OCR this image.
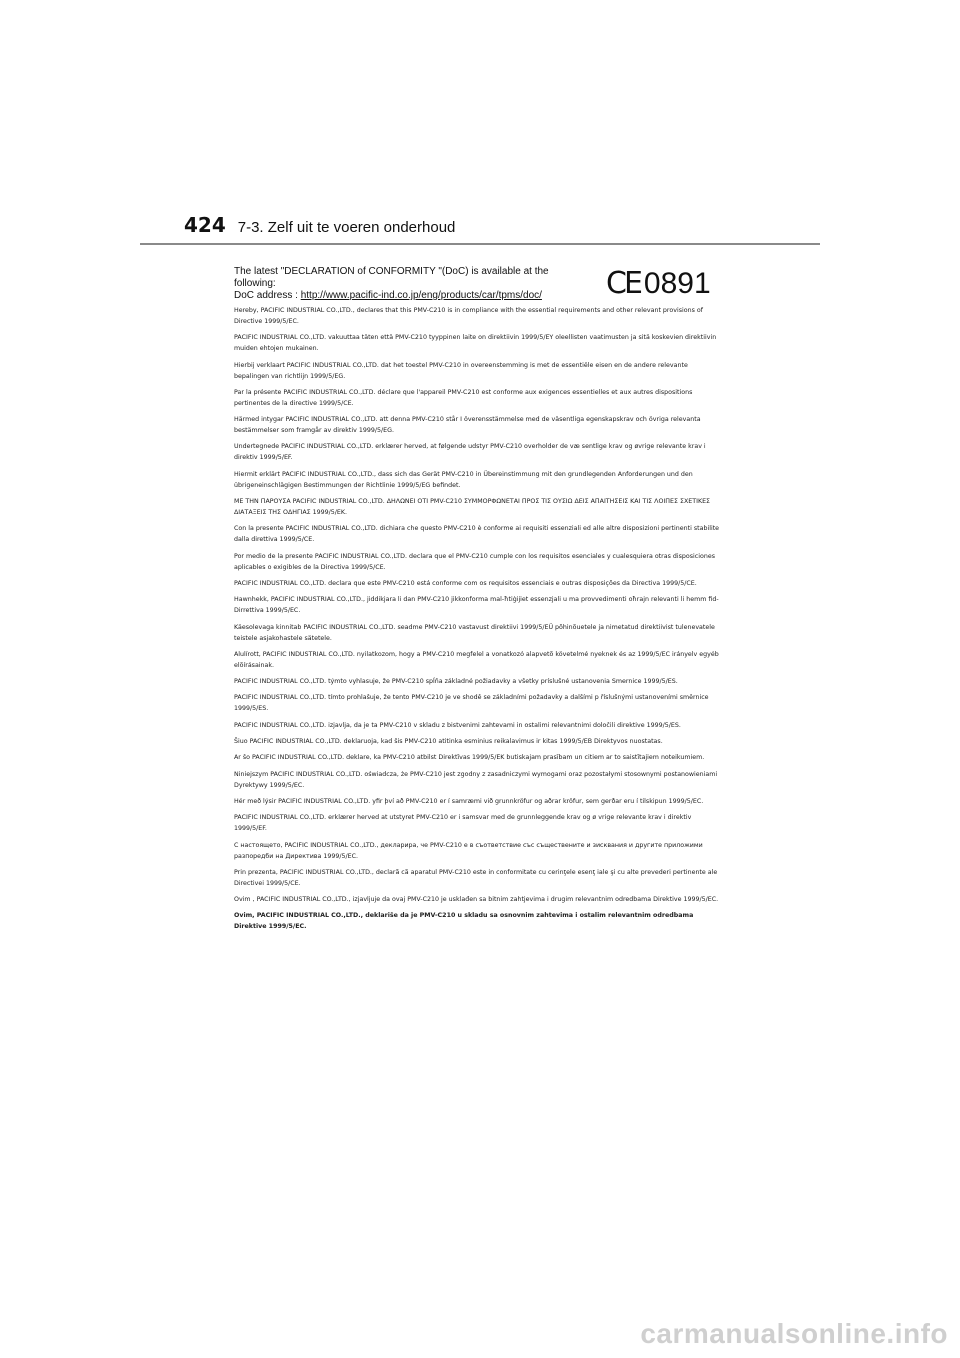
424 7-3. Zelf uit te voeren onderhoud
The latest "DECLARATION of CONFORMITY "(DoC) is available at the following:
DoC address : http://www.pacific-ind.co.jp/eng/products/car/tpms/doc/	CE 0891

Hereby, PACIFIC INDUSTRIAL CO.,LTD., declares that this PMV-C210 is in compliance with the essential requirements and other relevant provisions of Directive 1999/5/EC.

PACIFIC INDUSTRIAL CO.,LTD. vakuuttaa täten että PMV-C210 tyyppinen laite on direktiivin 1999/5/EY oleellisten vaatimusten ja sitä koskevien direktiivin muiden ehtojen mukainen.

Hierbij verklaart PACIFIC INDUSTRIAL CO.,LTD. dat het toestel PMV-C210 in overeenstemming is met de essentiële eisen en de andere relevante bepalingen van richtlijn 1999/5/EG.

Par la présente PACIFIC INDUSTRIAL CO.,LTD. déclare que l'appareil PMV-C210 est conforme aux exigences essentielles et aux autres dispositions pertinentes de la directive 1999/5/CE.

Härmed intygar PACIFIC INDUSTRIAL CO.,LTD. att denna PMV-C210 står I överensstämmelse med de väsentliga egenskapskrav och övriga relevanta bestämmelser som framgår av direktiv 1999/5/EG.

Undertegnede PACIFIC INDUSTRIAL CO.,LTD. erklærer herved, at følgende udstyr PMV-C210 overholder de væ sentlige krav og øvrige relevante krav i direktiv 1999/5/EF.

Hiermit erklärt PACIFIC INDUSTRIAL CO.,LTD., dass sich das Gerät PMV-C210 in Übereinstimmung mit den grundlegenden Anforderungen und den übrigeneinschlägigen Bestimmungen der Richtlinie 1999/5/EG befindet.

ΜΕ ΤΗΝ ΠΑΡΟΥΣΑ PACIFIC INDUSTRIAL CO.,LTD. ΔΗΛΩΝΕΙ ΟΤΙ PMV-C210 ΣΥΜΜΟΡΦΩΝΕΤΑΙ ΠΡΟΣ ΤΙΣ ΟΥΣΙΩ ΔΕΙΣ ΑΠΑΙΤΗΣΕΙΣ ΚΑΙ ΤΙΣ ΛΟΙΠΕΣ ΣΧΕΤΙΚΕΣ ΔΙΑΤΑΞΕΙΣ ΤΗΣ ΟΔΗΓΙΑΣ 1999/5/ΕΚ.

Con la presente PACIFIC INDUSTRIAL CO.,LTD. dichiara che questo PMV-C210 è conforme ai requisiti essenziali ed alle altre disposizioni pertinenti stabilite dalla direttiva 1999/5/CE.

Por medio de la presente PACIFIC INDUSTRIAL CO.,LTD. declara que el PMV-C210 cumple con los requisitos esenciales y cualesquiera otras disposiciones aplicables o exigibles de la Directiva 1999/5/CE.

PACIFIC INDUSTRIAL CO.,LTD. declara que este PMV-C210 está conforme com os requisitos essenciais e outras disposições da Directiva 1999/5/CE.

Hawnhekk, PACIFIC INDUSTRIAL CO.,LTD., jiddikjara li dan PMV-C210 jikkonforma mal-ħtiġijiet essenzjali u ma provvedimenti oħrajn relevanti li hemm fid-Dirrettiva 1999/5/EC.

Käesolevaga kinnitab PACIFIC INDUSTRIAL CO.,LTD. seadme PMV-C210 vastavust direktiivi 1999/5/EÜ põhinõuetele ja nimetatud direktiivist tulenevatele teistele asjakohastele sätetele.

Alulírott, PACIFIC INDUSTRIAL CO.,LTD. nyilatkozom, hogy a PMV-C210 megfelel a vonatkozó alapvetõ követelmé nyeknek és az 1999/5/EC irányelv egyéb elõírásainak.

PACIFIC INDUSTRIAL CO.,LTD. týmto vyhlasuje, že PMV-C210 spĺňa základné požiadavky a všetky príslušné ustanovenia Smernice 1999/5/ES.

PACIFIC INDUSTRIAL CO.,LTD. tímto prohlašuje, že tento PMV-C210 je ve shodě se základními požadavky a dalšími p říslušnými ustanoveními směrnice 1999/5/ES.

PACIFIC INDUSTRIAL CO.,LTD. izjavlja, da je ta PMV-C210 v skladu z bistvenimi zahtevami in ostalimi relevantnimi določili direktive 1999/5/ES.

Šiuo PACIFIC INDUSTRIAL CO.,LTD. deklaruoja, kad šis PMV-C210 atitinka esminius reikalavimus ir kitas 1999/5/EB Direktyvos nuostatas.

Ar šo PACIFIC INDUSTRIAL CO.,LTD. deklare, ka PMV-C210 atbilst Direktīvas 1999/5/EK butiskajam prasībam un citiem ar to saistītajiem noteikumiem.

Niniejszym PACIFIC INDUSTRIAL CO.,LTD. oświadcza, że PMV-C210 jest zgodny z zasadniczymi wymogami oraz pozostałymi stosownymi postanowieniami Dyrektywy 1999/5/EC.

Hér með lýsir PACIFIC INDUSTRIAL CO.,LTD. yfir því að PMV-C210 er í samræmi við grunnkröfur og aðrar kröfur, sem gerðar eru í tilskipun 1999/5/EC.

PACIFIC INDUSTRIAL CO.,LTD. erklærer herved at utstyret PMV-C210 er i samsvar med de grunnleggende krav og ø vrige relevante krav i direktiv 1999/5/EF.

С настоящето, PACIFIC INDUSTRIAL CO.,LTD., декларира, че PMV-C210 е в съответствие със съществените и зисквания и другите приложими разпоредби на Директива 1999/5/EC.

Prin prezenta, PACIFIC INDUSTRIAL CO.,LTD., declarã cã aparatul PMV-C210 este in conformitate cu cerinţele esenţ iale şi cu alte prevederi pertinente ale Directivei 1999/5/CE.

Ovim , PACIFIC INDUSTRIAL CO.,LTD., izjavljuje da ovaj PMV-C210 je usklađen sa bitnim zahtjevima i drugim relevantnim odredbama Direktive 1999/5/EC.

Ovim, PACIFIC INDUSTRIAL CO.,LTD., deklariše da je PMV-C210 u skladu sa osnovnim zahtevima i ostalim relevantnim odredbama Direktive 1999/5/EC.

carmanualsonline.info
